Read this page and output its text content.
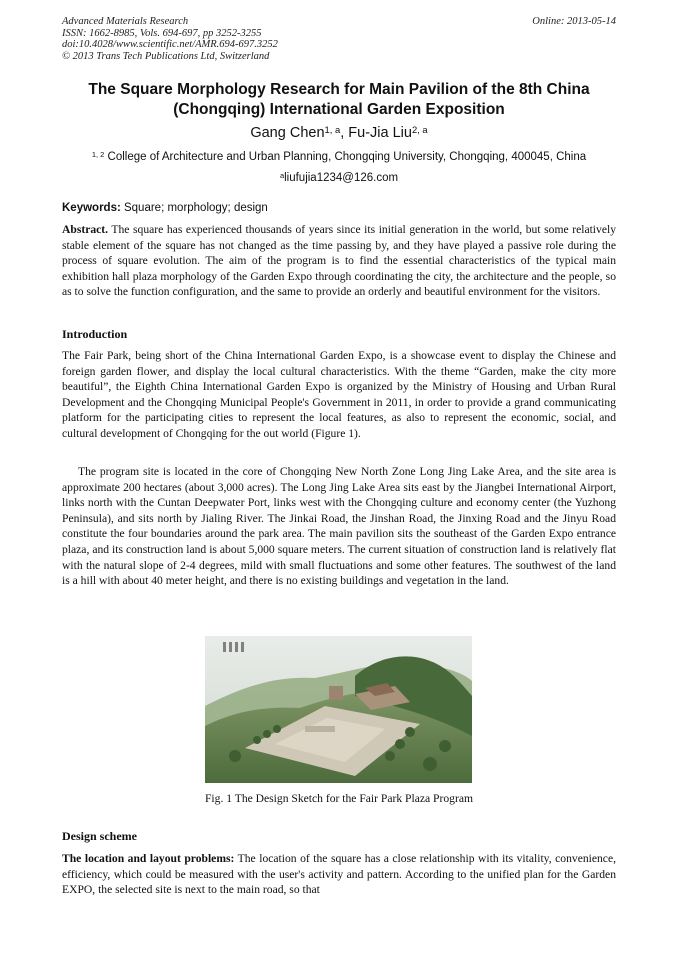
Advanced Materials Research
ISSN: 1662-8985, Vols. 694-697, pp 3252-3255
doi:10.4028/www.scientific.net/AMR.694-697.3252
© 2013 Trans Tech Publications Ltd, Switzerland
Online: 2013-05-14
The Square Morphology Research for Main Pavilion of the 8th China (Chongqing) International Garden Exposition
Gang Chen$^{1, a}$, Fu-Jia Liu$^{2, a}$
$^{1, 2}$ College of Architecture and Urban Planning, Chongqing University, Chongqing, 400045, China
$^a$liufujia1234@126.com
Keywords: Square; morphology; design
Abstract. The square has experienced thousands of years since its initial generation in the world, but some relatively stable element of the square has not changed as the time passing by, and they have played a passive role during the process of square evolution. The aim of the program is to find the essential characteristics of the typical main exhibition hall plaza morphology of the Garden Expo through coordinating the city, the architecture and the people, so as to solve the function configuration, and the same to provide an orderly and beautiful environment for the visitors.
Introduction
The Fair Park, being short of the China International Garden Expo, is a showcase event to display the Chinese and foreign garden flower, and display the local cultural characteristics. With the theme “Garden, make the city more beautiful”, the Eighth China International Garden Expo is organized by the Ministry of Housing and Urban Rural Development and the Chongqing Municipal People's Government in 2011, in order to provide a grand communicating platform for the participating cities to represent the local features, as also to represent the economic, social, and cultural development of Chongqing for the out world (Figure 1).
The program site is located in the core of Chongqing New North Zone Long Jing Lake Area, and the site area is approximate 200 hectares (about 3,000 acres). The Long Jing Lake Area sits east by the Jiangbei International Airport, links north with the Cuntan Deepwater Port, links west with the Chongqing culture and economy center (the Yuzhong Peninsula), and sits north by Jialing River. The Jinkai Road, the Jinshan Road, the Jinxing Road and the Jinyu Road constitute the four boundaries around the park area. The main pavilion sits the southeast of the Garden Expo entrance plaza, and its construction land is about 5,000 square meters. The current situation of construction land is relatively flat with the natural slope of 2-4 degrees, mild with small fluctuations and some other features. The southwest of the land is a hill with about 40 meter height, and there is no existing buildings and vegetation in the land.
Fig. 1 The Design Sketch for the Fair Park Plaza Program
Design scheme
The location and layout problems: The location of the square has a close relationship with its vitality, convenience, efficiency, which could be measured with the user's activity and pattern. According to the unified plan for the Garden EXPO, the selected site is next to the main road, so that
